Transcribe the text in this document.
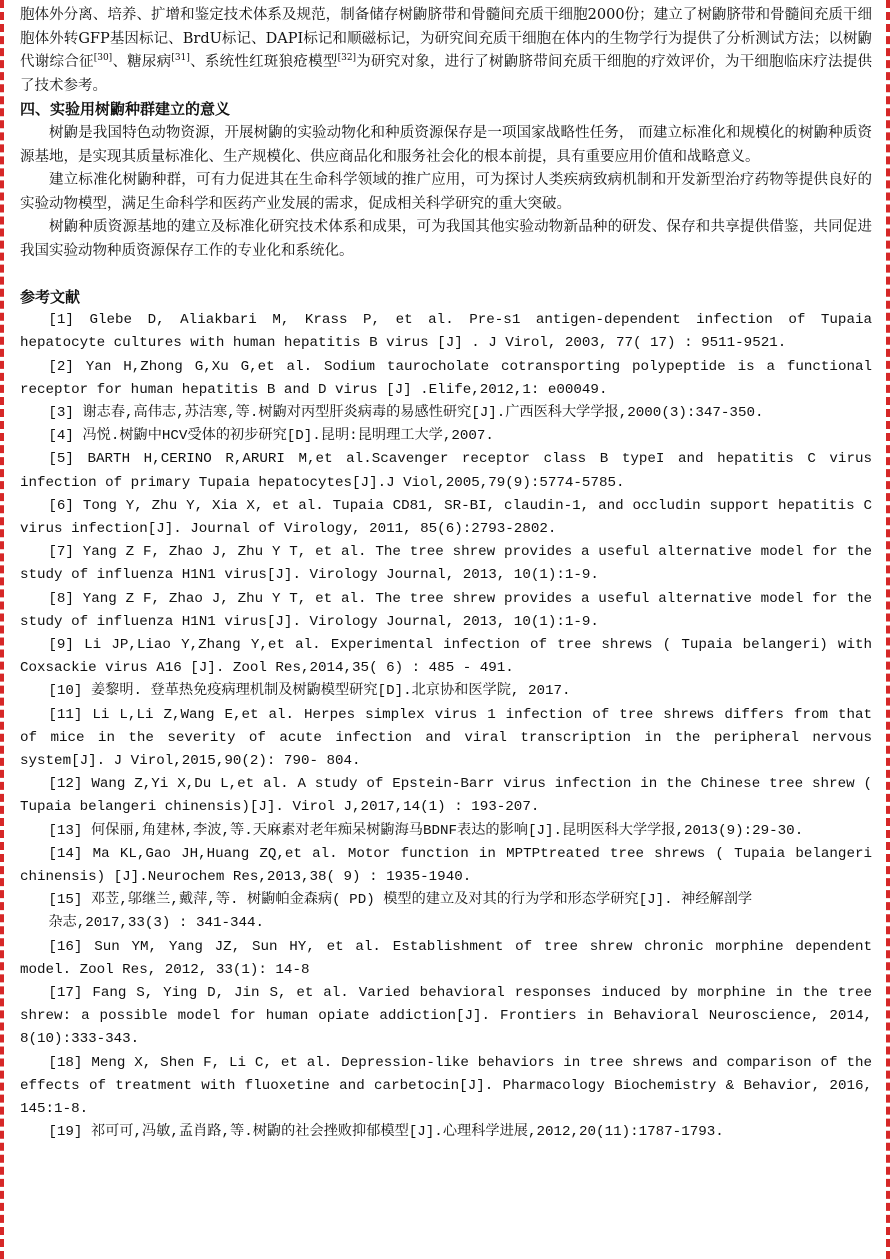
胞体外分离、培养、扩增和鉴定技术体系及规范，制备储存树鼩脐带和骨髓间充质干细胞2000份；建立了树鼩脐带和骨髓间充质干细胞体外转GFP基因标记、BrdU标记、DAPI标记和顺磁标记，为研究间充质干细胞在体内的生物学行为提供了分析测试方法；以树鼩代谢综合征[30]、糖尿病[31]、系统性红斑狼疮模型[32]为研究对象，进行了树鼩脐带间充质干细胞的疗效评价，为干细胞临床疗法提供了技术参考。

四、实验用树鼩种群建立的意义

树鼩是我国特色动物资源，开展树鼩的实验动物化和种质资源保存是一项国家战略性任务， 而建立标准化和规模化的树鼩种质资源基地，是实现其质量标准化、生产规模化、供应商品化和服务社会化的根本前提，具有重要应用价值和战略意义。

建立标准化树鼩种群，可有力促进其在生命科学领域的推广应用，可为探讨人类疾病致病机制和开发新型治疗药物等提供良好的实验动物模型，满足生命科学和医药产业发展的需求，促成相关科学研究的重大突破。

树鼩种质资源基地的建立及标准化研究技术体系和成果，可为我国其他实验动物新品种的研发、保存和共享提供借鉴，共同促进我国实验动物种质资源保存工作的专业化和系统化。

参考文献

[1] Glebe D, Aliakbari M, Krass P, et al. Pre-s1 antigen-dependent infection of Tupaia hepatocyte cultures with human hepatitis B virus [J] . J Virol, 2003, 77( 17) : 9511-9521.

[2] Yan H,Zhong G,Xu G,et al. Sodium taurocholate cotransporting polypeptide is a functional receptor for human hepatitis B and D virus [J] .Elife,2012,1: e00049.

[3] 谢志春,高伟志,苏洁寒,等.树鼩对丙型肝炎病毒的易感性研究[J].广西医科大学学报,2000(3):347-350.

[4] 冯悦.树鼩中HCV受体的初步研究[D].昆明:昆明理工大学,2007.

[5] BARTH H,CERINO R,ARURI M,et al.Scavenger receptor class B typeI and hepatitis C virus infection of primary Tupaia hepatocytes[J].J Viol,2005,79(9):5774-5785.

[6] Tong Y, Zhu Y, Xia X, et al. Tupaia CD81, SR-BI, claudin-1, and occludin support hepatitis C virus infection[J]. Journal of Virology, 2011, 85(6):2793-2802.

[7] Yang Z F, Zhao J, Zhu Y T, et al. The tree shrew provides a useful alternative model for the study of influenza H1N1 virus[J]. Virology Journal, 2013, 10(1):1-9.

[8] Yang Z F, Zhao J, Zhu Y T, et al. The tree shrew provides a useful alternative model for the study of influenza H1N1 virus[J]. Virology Journal, 2013, 10(1):1-9.

[9] Li JP,Liao Y,Zhang Y,et al. Experimental infection of tree shrews ( Tupaia belangeri) with Coxsackie virus A16 [J]. Zool Res,2014,35( 6) : 485 - 491.

[10] 姜黎明. 登革热免疫病理机制及树鼩模型研究[D].北京协和医学院, 2017.

[11] Li L,Li Z,Wang E,et al. Herpes simplex virus 1 infection of tree shrews differs from that of mice in the severity of acute infection and viral transcription in the peripheral nervous system[J]. J Virol,2015,90(2): 790- 804.

[12] Wang Z,Yi X,Du L,et al. A study of Epstein-Barr virus infection in the Chinese tree shrew ( Tupaia belangeri chinensis)[J]. Virol J,2017,14(1) : 193-207.

[13] 何保丽,角建林,李波,等.天麻素对老年痴呆树鼩海马BDNF表达的影响[J].昆明医科大学学报,2013(9):29-30.

[14] Ma KL,Gao JH,Huang ZQ,et al. Motor function in MPTPtreated tree shrews ( Tupaia belangeri chinensis) [J].Neurochem Res,2013,38( 9) : 1935-1940.

[15] 邓苙,邬继兰,戴萍,等. 树鼩帕金森病( PD) 模型的建立及对其的行为学和形态学研究[J]. 神经解剖学

杂志,2017,33(3) : 341-344.

[16] Sun YM, Yang JZ, Sun HY, et al. Establishment of tree shrew chronic morphine dependent model. Zool Res, 2012, 33(1): 14-8

[17] Fang S, Ying D, Jin S, et al. Varied behavioral responses induced by morphine in the tree shrew: a possible model for human opiate addiction[J]. Frontiers in Behavioral Neuroscience, 2014, 8(10):333-343.

[18] Meng X, Shen F, Li C, et al. Depression-like behaviors in tree shrews and comparison of the effects of treatment with fluoxetine and carbetocin[J]. Pharmacology Biochemistry & Behavior, 2016, 145:1-8.

[19] 祁可可,冯敏,孟肖路,等.树鼩的社会挫败抑郁模型[J].心理科学进展,2012,20(11):1787-1793.
